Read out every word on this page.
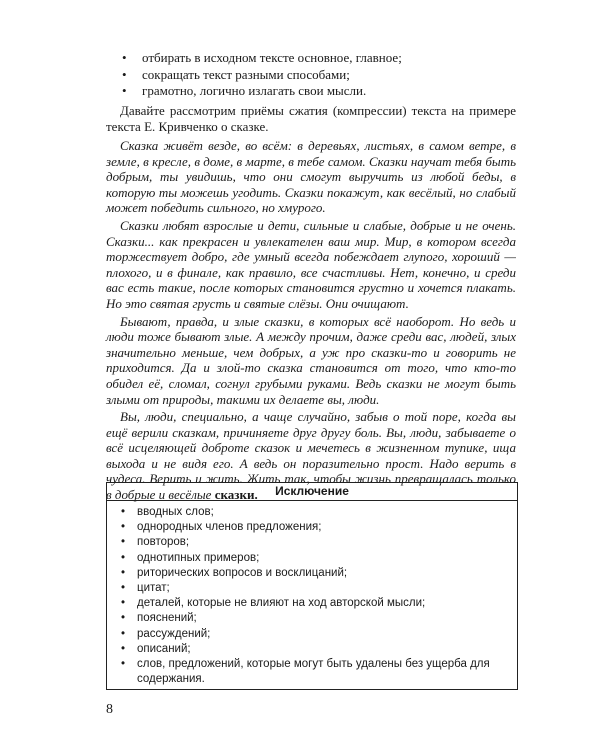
• отбирать в исходном тексте основное, главное;
• сокращать текст разными способами;
• грамотно, логично излагать свои мысли.

Давайте рассмотрим приёмы сжатия (компрессии) текста на примере текста Е. Кривченко о сказке.

Сказка живёт везде, во всём: в деревьях, листьях, в самом ветре, в земле, в кресле, в доме, в марте, в тебе самом. Сказки научат тебя быть добрым, ты увидишь, что они смогут выручить из любой беды, в которую ты можешь угодить. Сказки покажут, как весёлый, но слабый может победить сильного, но хмурого.

Сказки любят взрослые и дети, сильные и слабые, добрые и не очень. Сказки... как прекрасен и увлекателен ваш мир. Мир, в котором всегда торжествует добро, где умный всегда побеждает глупого, хороший — плохого, и в финале, как правило, все счастливы. Нет, конечно, и среди вас есть такие, после которых становится грустно и хочется плакать. Но это святая грусть и святые слёзы. Они очищают.

Бывают, правда, и злые сказки, в которых всё наоборот. Но ведь и люди тоже бывают злые. А между прочим, даже среди вас, людей, злых значительно меньше, чем добрых, а уж про сказки-то и говорить не приходится. Да и злой-то сказка становится от того, что кто-то обидел её, сломал, согнул грубыми руками. Ведь сказки не могут быть злыми от природы, такими их делаете вы, люди.

Вы, люди, специально, а чаще случайно, забыв о той поре, когда вы ещё верили сказкам, причиняете друг другу боль. Вы, люди, забываете о всё исцеляющей доброте сказок и мечетесь в жизненном тупике, ища выхода и не видя его. А ведь он поразительно прост. Надо верить в чудеса. Верить и жить. Жить так, чтобы жизнь превращалась только в добрые и весёлые сказки.	Исключение
• вводных слов;
• однородных членов предложения;
• повторов;
• однотипных примеров;
• риторических вопросов и восклицаний;
• цитат;
• деталей, которые не влияют на ход авторской мысли;
• пояснений;
• рассуждений;
• описаний;
• слов, предложений, которые могут быть удалены без ущерба для содержания.
8
